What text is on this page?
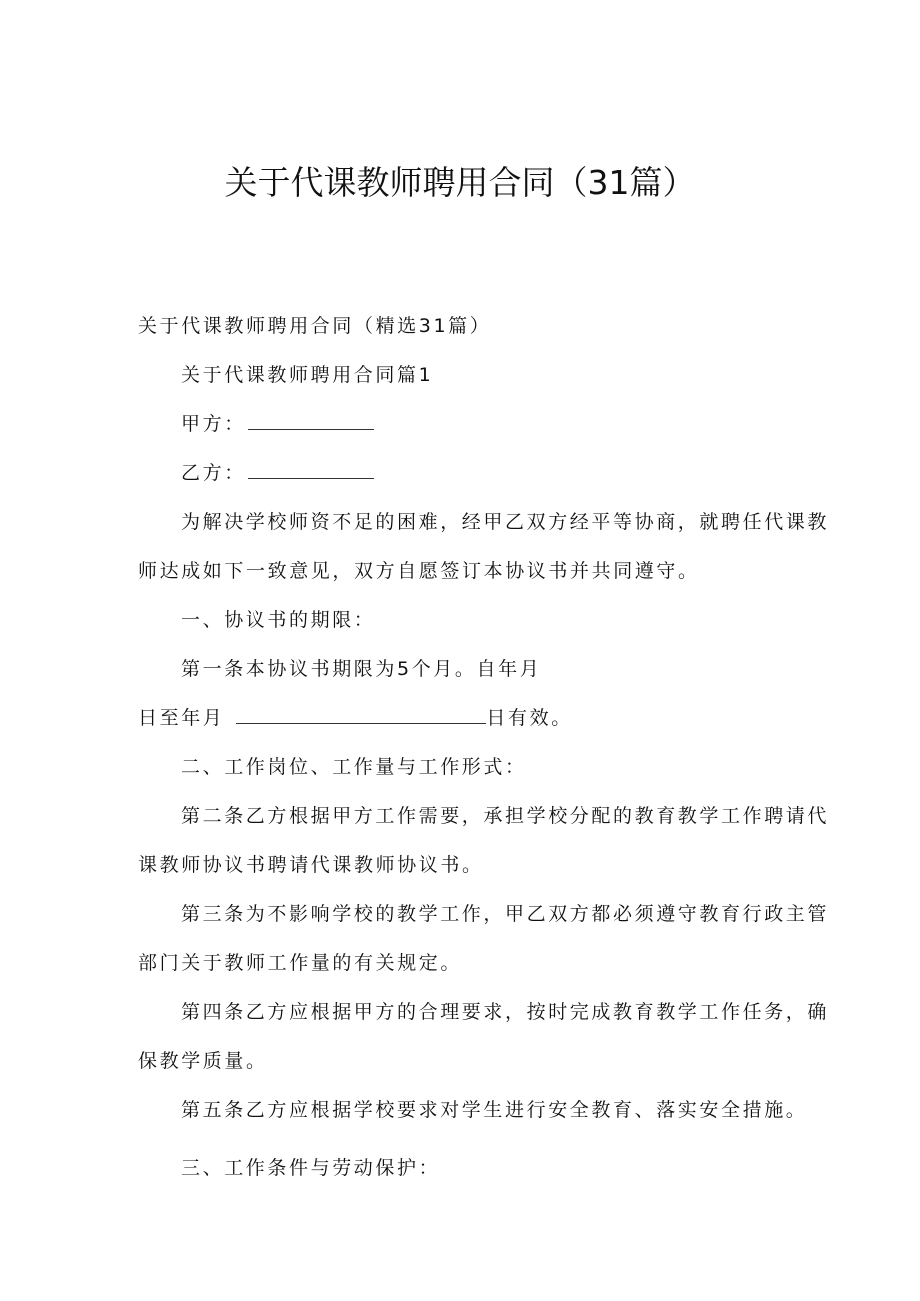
关于代课教师聘用合同（31篇）
关于代课教师聘用合同（精选31篇）
关于代课教师聘用合同篇1
甲方：
乙方：
为解决学校师资不足的困难，经甲乙双方经平等协商，就聘任代课教
师达成如下一致意见，双方自愿签订本协议书并共同遵守。
一、协议书的期限：
第一条本协议书期限为5个月。自年月
日至年月	日有效。
二、工作岗位、工作量与工作形式：
第二条乙方根据甲方工作需要，承担学校分配的教育教学工作聘请代
课教师协议书聘请代课教师协议书。
第三条为不影响学校的教学工作，甲乙双方都必须遵守教育行政主管
部门关于教师工作量的有关规定。
第四条乙方应根据甲方的合理要求，按时完成教育教学工作任务，确
保教学质量。
第五条乙方应根据学校要求对学生进行安全教育、落实安全措施。
三、工作条件与劳动保护：
